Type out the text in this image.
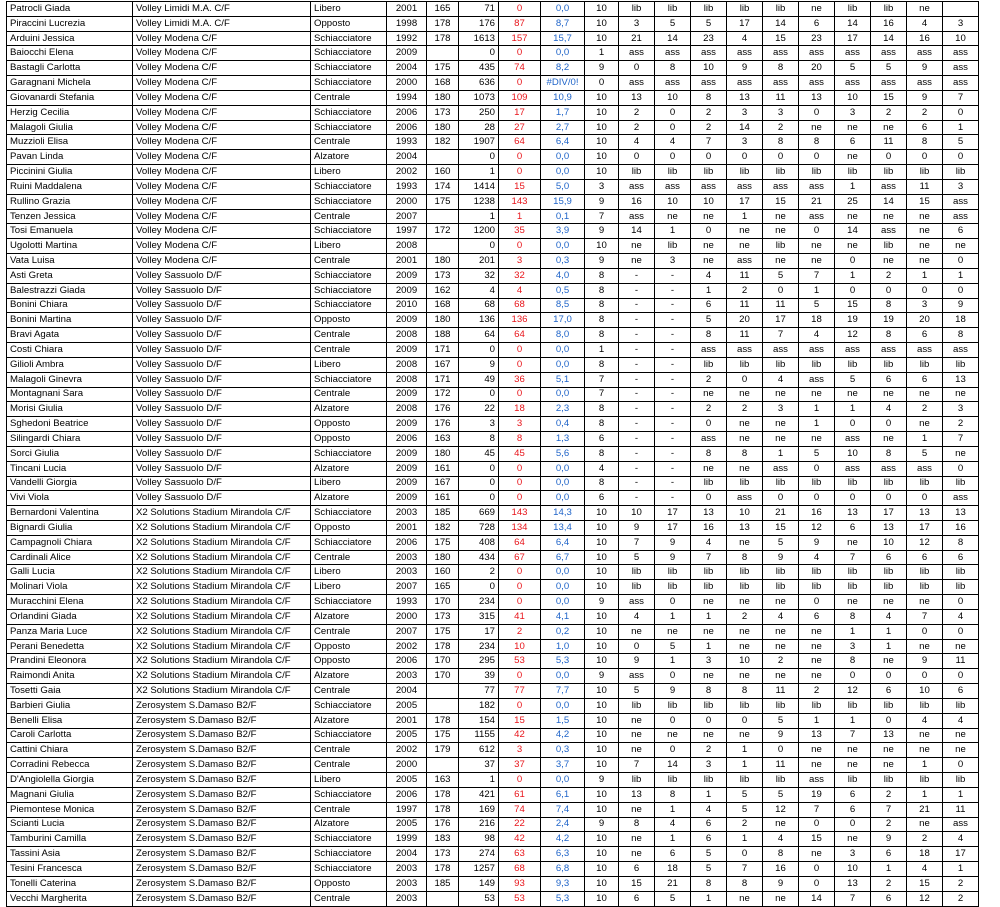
Patrocli Giada	Volley Limidi M.A. C/F	Libero	2001	165	71	0	0,0	10	lib	lib	lib	lib	lib	ne	lib	lib	ne	
Piraccini Lucrezia	Volley Limidi M.A. C/F	Opposto	1998	178	176	87	8,7	10	3	5	5	17	14	6	14	16	4	3
Arduini Jessica	Volley Modena C/F	Schiacciatore	1992	178	1613	157	15,7	10	21	14	23	4	15	23	17	14	16	10
Baiocchi Elena	Volley Modena C/F	Schiacciatore	2009		0	0	0,0	1	ass	ass	ass	ass	ass	ass	ass	ass	ass	ass
Bastagli Carlotta	Volley Modena C/F	Schiacciatore	2004	175	435	74	8,2	9	0	8	10	9	8	20	5	5	9	ass
Garagnani Michela	Volley Modena C/F	Schiacciatore	2000	168	636	0	#DIV/0!	0	ass	ass	ass	ass	ass	ass	ass	ass	ass	ass
Giovanardi Stefania	Volley Modena C/F	Centrale	1994	180	1073	109	10,9	10	13	10	8	13	11	13	10	15	9	7
Herzig Cecilia	Volley Modena C/F	Schiacciatore	2006	173	250	17	1,7	10	2	0	2	3	3	0	3	2	2	0
Malagoli Giulia	Volley Modena C/F	Schiacciatore	2006	180	28	27	2,7	10	2	0	2	14	2	ne	ne	ne	6	1
Muzzioli Elisa	Volley Modena C/F	Centrale	1993	182	1907	64	6,4	10	4	4	7	3	8	8	6	11	8	5
Pavan Linda	Volley Modena C/F	Alzatore	2004		0	0	0,0	10	0	0	0	0	0	0	ne	0	0	0
Piccinini Giulia	Volley Modena C/F	Libero	2002	160	1	0	0,0	10	lib	lib	lib	lib	lib	lib	lib	lib	lib	lib
Ruini Maddalena	Volley Modena C/F	Schiacciatore	1993	174	1414	15	5,0	3	ass	ass	ass	ass	ass	ass	1	ass	11	3
Rullino Grazia	Volley Modena C/F	Schiacciatore	2000	175	1238	143	15,9	9	16	10	10	17	15	21	25	14	15	ass
Tenzen Jessica	Volley Modena C/F	Centrale	2007		1	1	0,1	7	ass	ne	ne	1	ne	ass	ne	ne	ne	ass
Tosi Emanuela	Volley Modena C/F	Schiacciatore	1997	172	1200	35	3,9	9	14	1	0	ne	ne	0	14	ass	ne	6
Ugolotti Martina	Volley Modena C/F	Libero	2008		0	0	0,0	10	ne	lib	ne	ne	lib	ne	ne	lib	ne	ne
Vata Luisa	Volley Modena C/F	Centrale	2001	180	201	3	0,3	9	ne	3	ne	ass	ne	ne	0	ne	ne	0
Asti Greta	Volley Sassuolo D/F	Schiacciatore	2009	173	32	32	4,0	8	-	-	4	11	5	7	1	2	1	1
Balestrazzi Giada	Volley Sassuolo D/F	Schiacciatore	2009	162	4	4	0,5	8	-	-	1	2	0	1	0	0	0	0
Bonini Chiara	Volley Sassuolo D/F	Schiacciatore	2010	168	68	68	8,5	8	-	-	6	11	11	5	15	8	3	9
Bonini Martina	Volley Sassuolo D/F	Opposto	2009	180	136	136	17,0	8	-	-	5	20	17	18	19	19	20	18
Bravi Agata	Volley Sassuolo D/F	Centrale	2008	188	64	64	8,0	8	-	-	8	11	7	4	12	8	6	8
Costi Chiara	Volley Sassuolo D/F	Centrale	2009	171	0	0	0,0	1	-	-	ass	ass	ass	ass	ass	ass	ass	ass
Gilioli Ambra	Volley Sassuolo D/F	Libero	2008	167	9	0	0,0	8	-	-	lib	lib	lib	lib	lib	lib	lib	lib
Malagoli Ginevra	Volley Sassuolo D/F	Schiacciatore	2008	171	49	36	5,1	7	-	-	2	0	4	ass	5	6	6	13
Montagnani Sara	Volley Sassuolo D/F	Centrale	2009	172	0	0	0,0	7	-	-	ne	ne	ne	ne	ne	ne	ne	ne
Morisi Giulia	Volley Sassuolo D/F	Alzatore	2008	176	22	18	2,3	8	-	-	2	2	3	1	1	4	2	3
Sghedoni Beatrice	Volley Sassuolo D/F	Opposto	2009	176	3	3	0,4	8	-	-	0	ne	ne	1	0	0	ne	2
Silingardi Chiara	Volley Sassuolo D/F	Opposto	2006	163	8	8	1,3	6	-	-	ass	ne	ne	ne	ass	ne	1	7
Sorci Giulia	Volley Sassuolo D/F	Schiacciatore	2009	180	45	45	5,6	8	-	-	8	8	1	5	10	8	5	ne
Tincani Lucia	Volley Sassuolo D/F	Alzatore	2009	161	0	0	0,0	4	-	-	ne	ne	ass	0	ass	ass	ass	0
Vandelli Giorgia	Volley Sassuolo D/F	Libero	2009	167	0	0	0,0	8	-	-	lib	lib	lib	lib	lib	lib	lib	lib
Vivi Viola	Volley Sassuolo D/F	Alzatore	2009	161	0	0	0,0	6	-	-	0	ass	0	0	0	0	0	ass
Bernardoni Valentina	X2 Solutions Stadium Mirandola C/F	Schiacciatore	2003	185	669	143	14,3	10	10	17	13	10	21	16	13	17	13	13
Bignardi Giulia	X2 Solutions Stadium Mirandola C/F	Opposto	2001	182	728	134	13,4	10	9	17	16	13	15	12	6	13	17	16
Campagnoli Chiara	X2 Solutions Stadium Mirandola C/F	Schiacciatore	2006	175	408	64	6,4	10	7	9	4	ne	5	9	ne	10	12	8
Cardinali Alice	X2 Solutions Stadium Mirandola C/F	Centrale	2003	180	434	67	6,7	10	5	9	7	8	9	4	7	6	6	6
Galli Lucia	X2 Solutions Stadium Mirandola C/F	Libero	2003	160	2	0	0,0	10	lib	lib	lib	lib	lib	lib	lib	lib	lib	lib
Molinari Viola	X2 Solutions Stadium Mirandola C/F	Libero	2007	165	0	0	0,0	10	lib	lib	lib	lib	lib	lib	lib	lib	lib	lib
Muracchini Elena	X2 Solutions Stadium Mirandola C/F	Schiacciatore	1993	170	234	0	0,0	9	ass	0	ne	ne	ne	0	ne	ne	ne	0
Orlandini Giada	X2 Solutions Stadium Mirandola C/F	Alzatore	2000	173	315	41	4,1	10	4	1	1	2	4	6	8	4	7	4
Panza Maria Luce	X2 Solutions Stadium Mirandola C/F	Centrale	2007	175	17	2	0,2	10	ne	ne	ne	ne	ne	ne	1	1	0	0
Perani Benedetta	X2 Solutions Stadium Mirandola C/F	Opposto	2002	178	234	10	1,0	10	0	5	1	ne	ne	ne	3	1	ne	ne
Prandini Eleonora	X2 Solutions Stadium Mirandola C/F	Opposto	2006	170	295	53	5,3	10	9	1	3	10	2	ne	8	ne	9	11
Raimondi Anita	X2 Solutions Stadium Mirandola C/F	Alzatore	2003	170	39	0	0,0	9	ass	0	ne	ne	ne	ne	0	0	0	0
Tosetti Gaia	X2 Solutions Stadium Mirandola C/F	Centrale	2004		77	77	7,7	10	5	9	8	8	11	2	12	6	10	6
Barbieri Giulia	Zerosystem S.Damaso B2/F	Schiacciatore	2005		182	0	0,0	10	lib	lib	lib	lib	lib	lib	lib	lib	lib	lib
Benelli Elisa	Zerosystem S.Damaso B2/F	Alzatore	2001	178	154	15	1,5	10	ne	0	0	0	5	1	1	0	4	4
Caroli Carlotta	Zerosystem S.Damaso B2/F	Schiacciatore	2005	175	1155	42	4,2	10	ne	ne	ne	ne	9	13	7	13	ne	ne
Cattini Chiara	Zerosystem S.Damaso B2/F	Centrale	2002	179	612	3	0,3	10	ne	0	2	1	0	ne	ne	ne	ne	ne
Corradini Rebecca	Zerosystem S.Damaso B2/F	Centrale	2000		37	37	3,7	10	7	14	3	1	11	ne	ne	ne	1	0
D'Angiolella Giorgia	Zerosystem S.Damaso B2/F	Libero	2005	163	1	0	0,0	9	lib	lib	lib	lib	lib	ass	lib	lib	lib	lib
Magnani Giulia	Zerosystem S.Damaso B2/F	Schiacciatore	2006	178	421	61	6,1	10	13	8	1	5	5	19	6	2	1	1
Piemontese Monica	Zerosystem S.Damaso B2/F	Centrale	1997	178	169	74	7,4	10	ne	1	4	5	12	7	6	7	21	11
Scianti Lucia	Zerosystem S.Damaso B2/F	Alzatore	2005	176	216	22	2,4	9	8	4	6	2	ne	0	0	2	ne	ass
Tamburini Camilla	Zerosystem S.Damaso B2/F	Schiacciatore	1999	183	98	42	4,2	10	ne	1	6	1	4	15	ne	9	2	4
Tassini Asia	Zerosystem S.Damaso B2/F	Schiacciatore	2004	173	274	63	6,3	10	ne	6	5	0	8	ne	3	6	18	17
Tesini Francesca	Zerosystem S.Damaso B2/F	Schiacciatore	2003	178	1257	68	6,8	10	6	18	5	7	16	0	10	1	4	1
Tonelli Caterina	Zerosystem S.Damaso B2/F	Opposto	2003	185	149	93	9,3	10	15	21	8	8	9	0	13	2	15	2
Vecchi Margherita	Zerosystem S.Damaso B2/F	Centrale	2003		53	53	5,3	10	6	5	1	ne	ne	14	7	6	12	2
